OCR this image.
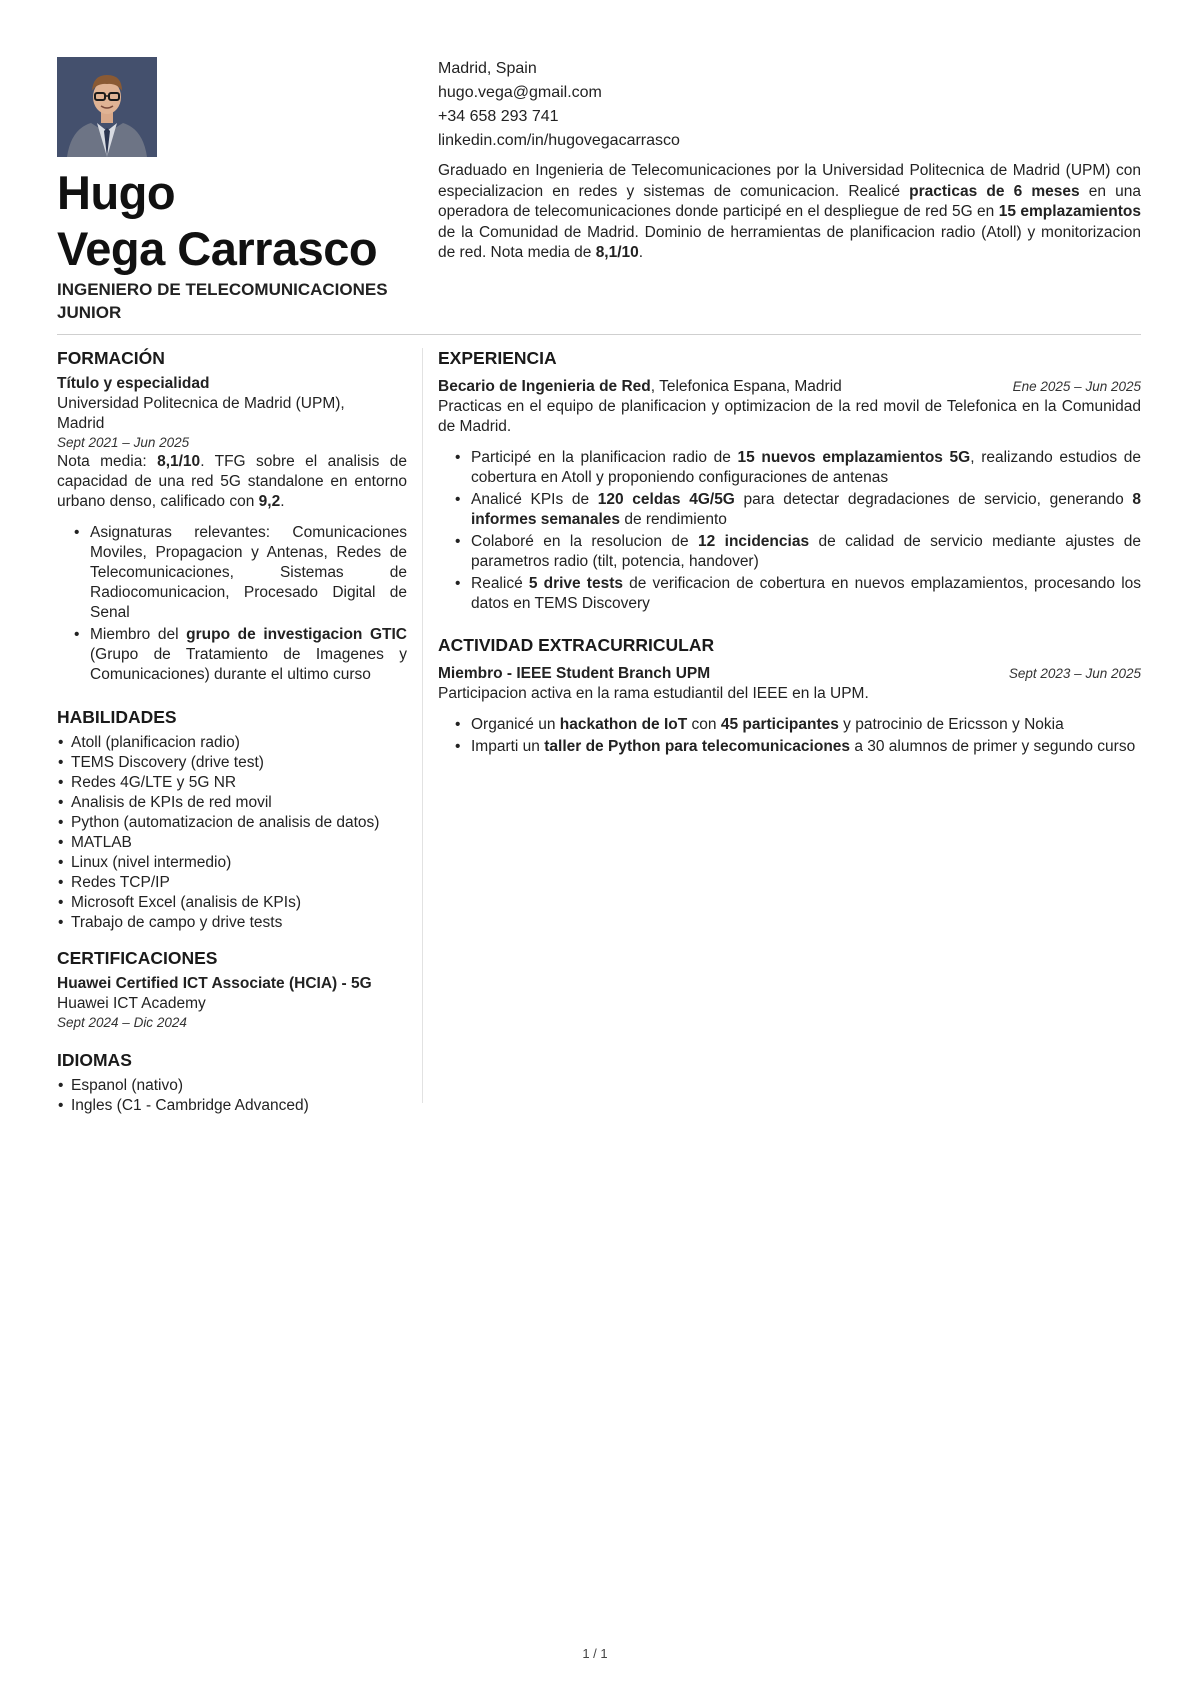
Hugo
Vega Carrasco
INGENIERO DE TELECOMUNICACIONES JUNIOR
Madrid, Spain
hugo.vega@gmail.com
+34 658 293 741
linkedin.com/in/hugovegacarrasco
Graduado en Ingenieria de Telecomunicaciones por la Universidad Politecnica de Madrid (UPM) con especializacion en redes y sistemas de comunicacion. Realicé practicas de 6 meses en una operadora de telecomunicaciones donde participé en el despliegue de red 5G en 15 emplazamientos de la Comunidad de Madrid. Dominio de herramientas de planificacion radio (Atoll) y monitorizacion de red. Nota media de 8,1/10.
FORMACIÓN
Título y especialidad
Universidad Politecnica de Madrid (UPM), Madrid
Sept 2021 – Jun 2025
Nota media: 8,1/10. TFG sobre el analisis de capacidad de una red 5G standalone en entorno urbano denso, calificado con 9,2.
• Asignaturas relevantes: Comunicaciones Moviles, Propagacion y Antenas, Redes de Telecomunicaciones, Sistemas de Radiocomunicacion, Procesado Digital de Senal
• Miembro del grupo de investigacion GTIC (Grupo de Tratamiento de Imagenes y Comunicaciones) durante el ultimo curso
HABILIDADES
• Atoll (planificacion radio)
• TEMS Discovery (drive test)
• Redes 4G/LTE y 5G NR
• Analisis de KPIs de red movil
• Python (automatizacion de analisis de datos)
• MATLAB
• Linux (nivel intermedio)
• Redes TCP/IP
• Microsoft Excel (analisis de KPIs)
• Trabajo de campo y drive tests
CERTIFICACIONES
Huawei Certified ICT Associate (HCIA) - 5G
Huawei ICT Academy
Sept 2024 – Dic 2024
IDIOMAS
• Espanol (nativo)
• Ingles (C1 - Cambridge Advanced)
EXPERIENCIA
Becario de Ingenieria de Red, Telefonica Espana, Madrid	Ene 2025 – Jun 2025
Practicas en el equipo de planificacion y optimizacion de la red movil de Telefonica en la Comunidad de Madrid.
• Participé en la planificacion radio de 15 nuevos emplazamientos 5G, realizando estudios de cobertura en Atoll y proponiendo configuraciones de antenas
• Analicé KPIs de 120 celdas 4G/5G para detectar degradaciones de servicio, generando 8 informes semanales de rendimiento
• Colaboré en la resolucion de 12 incidencias de calidad de servicio mediante ajustes de parametros radio (tilt, potencia, handover)
• Realicé 5 drive tests de verificacion de cobertura en nuevos emplazamientos, procesando los datos en TEMS Discovery
ACTIVIDAD EXTRACURRICULAR
Miembro - IEEE Student Branch UPM	Sept 2023 – Jun 2025
Participacion activa en la rama estudiantil del IEEE en la UPM.
• Organicé un hackathon de IoT con 45 participantes y patrocinio de Ericsson y Nokia
• Imparti un taller de Python para telecomunicaciones a 30 alumnos de primer y segundo curso
1 / 1
